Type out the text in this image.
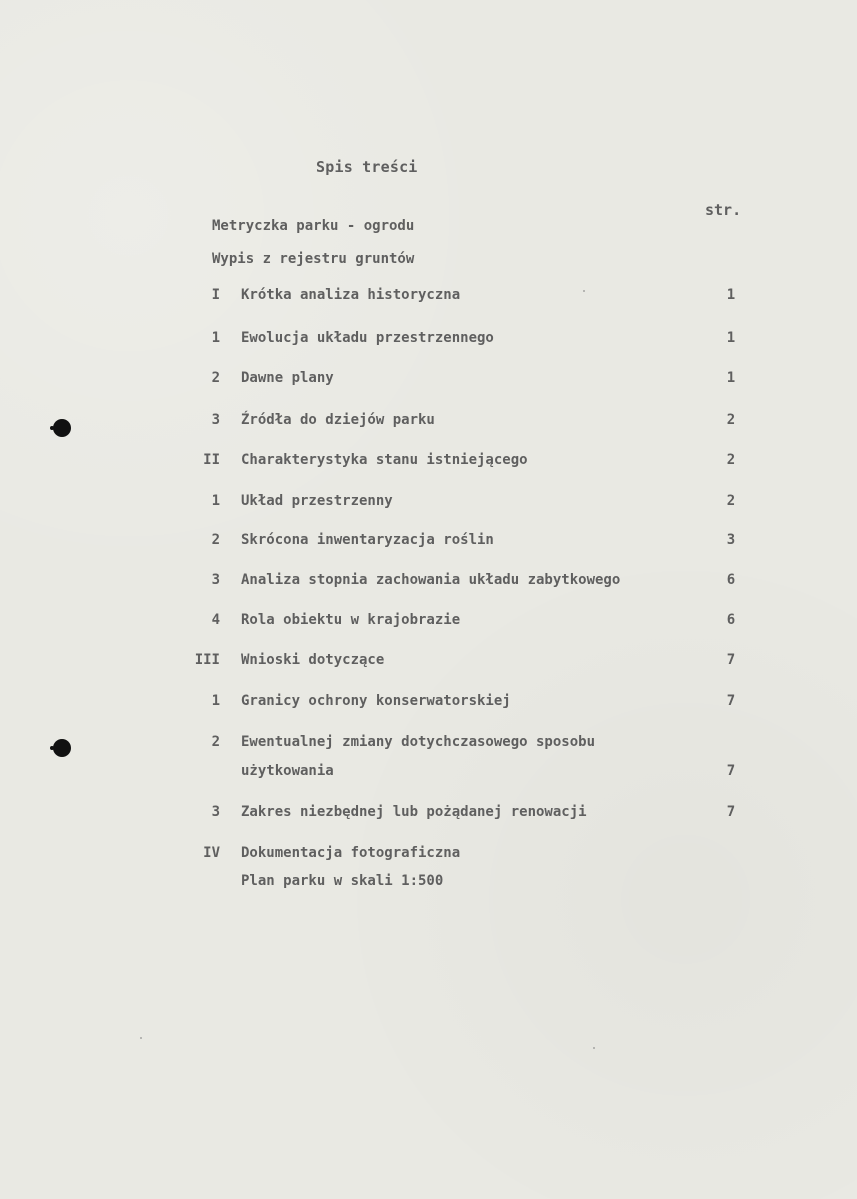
Spis treści
str.
Metryczka parku - ogrodu
Wypis z rejestru gruntów
I Krótka analiza historyczna	1
1 Ewolucja układu przestrzennego	1
2 Dawne plany	1
3 Źródła do dziejów parku	2
II Charakterystyka stanu istniejącego	2
1 Układ przestrzenny	2
2 Skrócona inwentaryzacja roślin	3
3 Analiza stopnia zachowania układu zabytkowego	6
4 Rola obiektu w krajobrazie	6
III Wnioski dotyczące	7
1 Granicy ochrony konserwatorskiej	7
2 Ewentualnej zmiany dotychczasowego sposobu
użytkowania	7
3 Zakres niezbędnej lub pożądanej renowacji	7
IV Dokumentacja fotograficzna
Plan parku w skali 1:500
